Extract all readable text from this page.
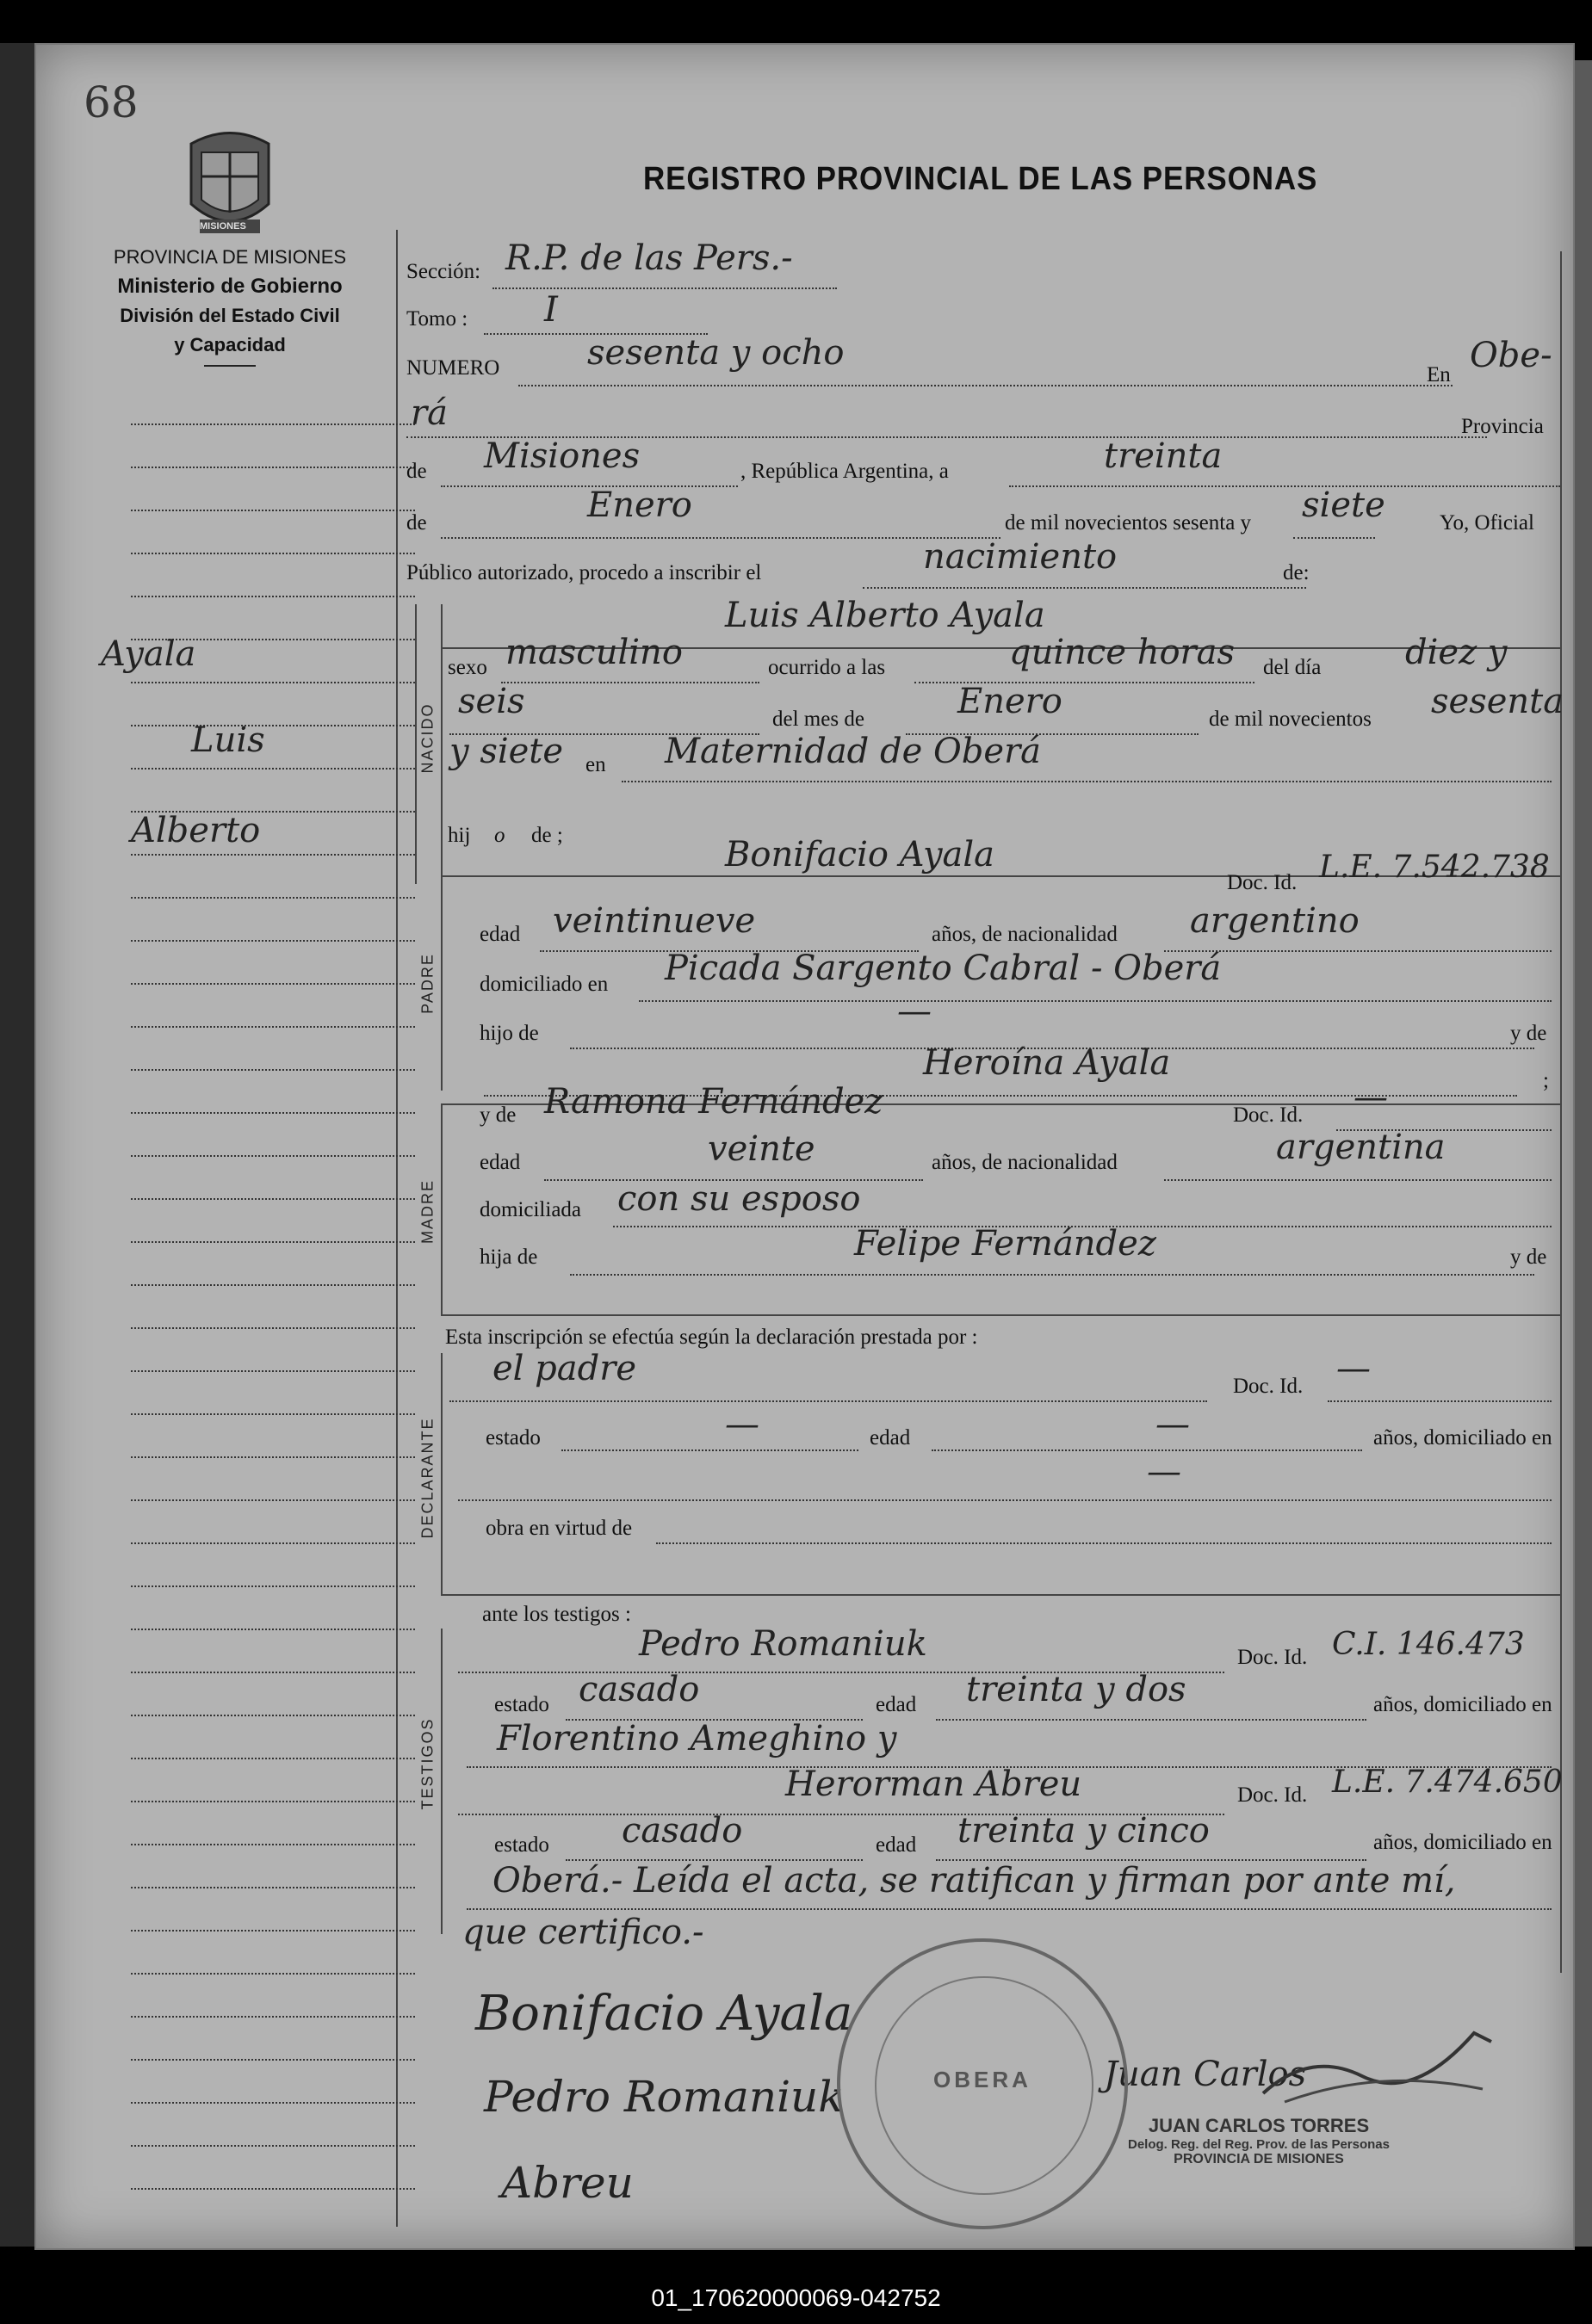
68
MISIONES
REGISTRO PROVINCIAL DE LAS PERSONAS
PROVINCIA DE MISIONES
Ministerio de Gobierno
División del Estado Civil
y Capacidad
Ayala
Luis
Alberto
Sección: R.P. de las Pers.-
Tomo : I
NUMERO	sesenta y ocho
En Obe-
rá	Provincia
de Misiones	, República Argentina, a	treinta
de	Enero	de mil novecientos sesenta y siete	Yo, Oficial
Público autorizado, procedo a inscribir el	nacimiento	de:
NACIDO
Luis Alberto Ayala
sexo masculino	ocurrido a las	quince horas del día diez y
seis	del mes de	Enero	de mil novecientos sesenta
y siete en Maternidad de Oberá
hij o de ;
PADRE
Bonifacio Ayala
Doc. Id. L.E. 7.542.738
edad veintinueve	años, de nacionalidad argentino
domiciliado en Picada Sargento Cabral - Oberá
hijo de
—
y de
Heroína Ayala	;
MADRE
y de Ramona Fernández	Doc. Id. —
edad	veinte	años, de nacionalidad	argentina
domiciliada con su esposo
hija de	Felipe Fernández	y de
Esta inscripción se efectúa según la declaración prestada por :
DECLARANTE
el padre	Doc. Id. —
estado	—	edad	—	años, domiciliado en
—
obra en virtud de
ante los testigos :
TESTIGOS
Pedro Romaniuk	Doc. Id. C.I. 146.473
estado casado	edad treinta y dos	años, domiciliado en
Florentino Ameghino y
Herorman Abreu	Doc. Id. L.E. 7.474.650
estado casado	edad treinta y cinco	años, domiciliado en
Oberá.- Leída el acta, se ratifican y firman por ante mí,
que certifico.-
Bonifacio Ayala
Pedro Romaniuk
Abreu
Juan Carlos
OBERA
JUAN CARLOS TORRES
Delog. Reg. del Reg. Prov. de las Personas
PROVINCIA DE MISIONES
01_170620000069-042752
